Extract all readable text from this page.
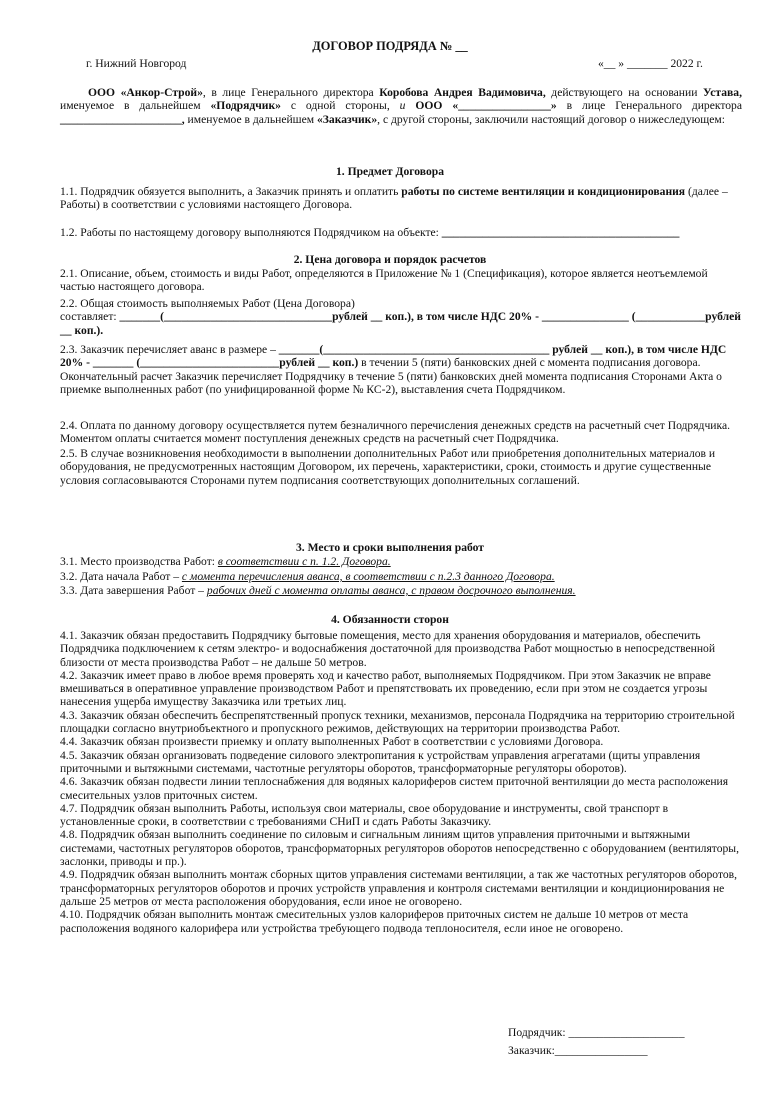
ДОГОВОР ПОДРЯДА № __
г. Нижний Новгород	«__ » _______ 2022 г.

ООО «Анкор-Строй», в лице Генерального директора Коробова Андрея Вадимовича, действующего на основании Устава, именуемое в дальнейшем «Подрядчик» с одной стороны, и ООО «________________» в лице Генерального директора _____________________, именуемое в дальнейшем «Заказчик», с другой стороны, заключили настоящий договор о нижеследующем:

1. Предмет Договора

1.1. Подрядчик обязуется выполнить, а Заказчик принять и оплатить работы по системе вентиляции и кондиционирования (далее – Работы) в соответствии с условиями настоящего Договора.

1.2. Работы по настоящему договору выполняются Подрядчиком на объекте: _________________________________________

2. Цена договора и порядок расчетов

2.1. Описание, объем, стоимость и виды Работ, определяются в Приложение № 1 (Спецификация), которое является неотъемлемой частью настоящего договора.

2.2. Общая стоимость выполняемых Работ (Цена Договора)

составляет: _______(_____________________________рублей __ коп.), в том числе НДС 20% - _______________ (____________рублей __ коп.).

2.3. Заказчик перечисляет аванс в размере – _______(_______________________________________ рублей __ коп.), в том числе НДС 20% - _______ (________________________рублей __ коп.) в течении 5 (пяти) банковских дней с момента подписания договора. Окончательный расчет Заказчик перечисляет Подрядчику в течение 5 (пяти) банковских дней момента подписания Сторонами Акта о приемке выполненных работ (по унифицированной форме № КС-2), выставления счета Подрядчиком.

2.4. Оплата по данному договору осуществляется путем безналичного перечисления денежных средств на расчетный счет Подрядчика. Моментом оплаты считается момент поступления денежных средств на расчетный счет Подрядчика.

2.5. В случае возникновения необходимости в выполнении дополнительных Работ или приобретения дополнительных материалов и оборудования, не предусмотренных настоящим Договором, их перечень, характеристики, сроки, стоимость и другие существенные условия согласовываются Сторонами путем подписания соответствующих дополнительных соглашений.

3. Место и сроки выполнения работ

3.1. Место производства Работ: в соответствии с п. 1.2. Договора.

3.2. Дата начала Работ – с момента перечисления аванса, в соответствии с п.2.3 данного Договора.

3.3. Дата завершения Работ – рабочих дней с момента оплаты аванса, с правом досрочного выполнения.

4. Обязанности сторон

4.1. Заказчик обязан предоставить Подрядчику бытовые помещения, место для хранения оборудования и материалов, обеспечить Подрядчика подключением к сетям электро- и водоснабжения достаточной для производства Работ мощностью в непосредственной близости от места производства Работ – не дальше 50 метров.

4.2. Заказчик имеет право в любое время проверять ход и качество работ, выполняемых Подрядчиком. При этом Заказчик не вправе вмешиваться в оперативное управление производством Работ и препятствовать их проведению, если при этом не создается угрозы нанесения ущерба имуществу Заказчика или третьих лиц.

4.3. Заказчик обязан обеспечить беспрепятственный пропуск техники, механизмов, персонала Подрядчика на территорию строительной площадки согласно внутриобъектного и пропускного режимов, действующих на территории производства Работ.

4.4. Заказчик обязан произвести приемку и оплату выполненных Работ в соответствии с условиями Договора.

4.5. Заказчик обязан организовать подведение силового электропитания к устройствам управления агрегатами (щиты управления приточными и вытяжными системами, частотные регуляторы оборотов, трансформаторные регуляторы оборотов).

4.6. Заказчик обязан подвести линии теплоснабжения для водяных калориферов систем приточной вентиляции до места расположения смесительных узлов приточных систем.

4.7. Подрядчик обязан выполнить Работы, используя свои материалы, свое оборудование и инструменты, свой транспорт в установленные сроки, в соответствии с требованиями СНиП и сдать Работы Заказчику.

4.8. Подрядчик обязан выполнить соединение по силовым и сигнальным линиям щитов управления приточными и вытяжными системами, частотных регуляторов оборотов, трансформаторных регуляторов оборотов непосредственно с оборудованием (вентиляторы, заслонки, приводы и пр.).

4.9. Подрядчик обязан выполнить монтаж сборных щитов управления системами вентиляции, а так же частотных регуляторов оборотов, трансформаторных регуляторов оборотов и прочих устройств управления и контроля системами вентиляции и кондиционирования не дальше 25 метров от места расположения оборудования, если иное не оговорено.

4.10. Подрядчик обязан выполнить монтаж смесительных узлов калориферов приточных систем не дальше 10 метров от места расположения водяного калорифера или устройства требующего подвода теплоносителя, если иное не оговорено.

Подрядчик: ____________________
Заказчик:________________
